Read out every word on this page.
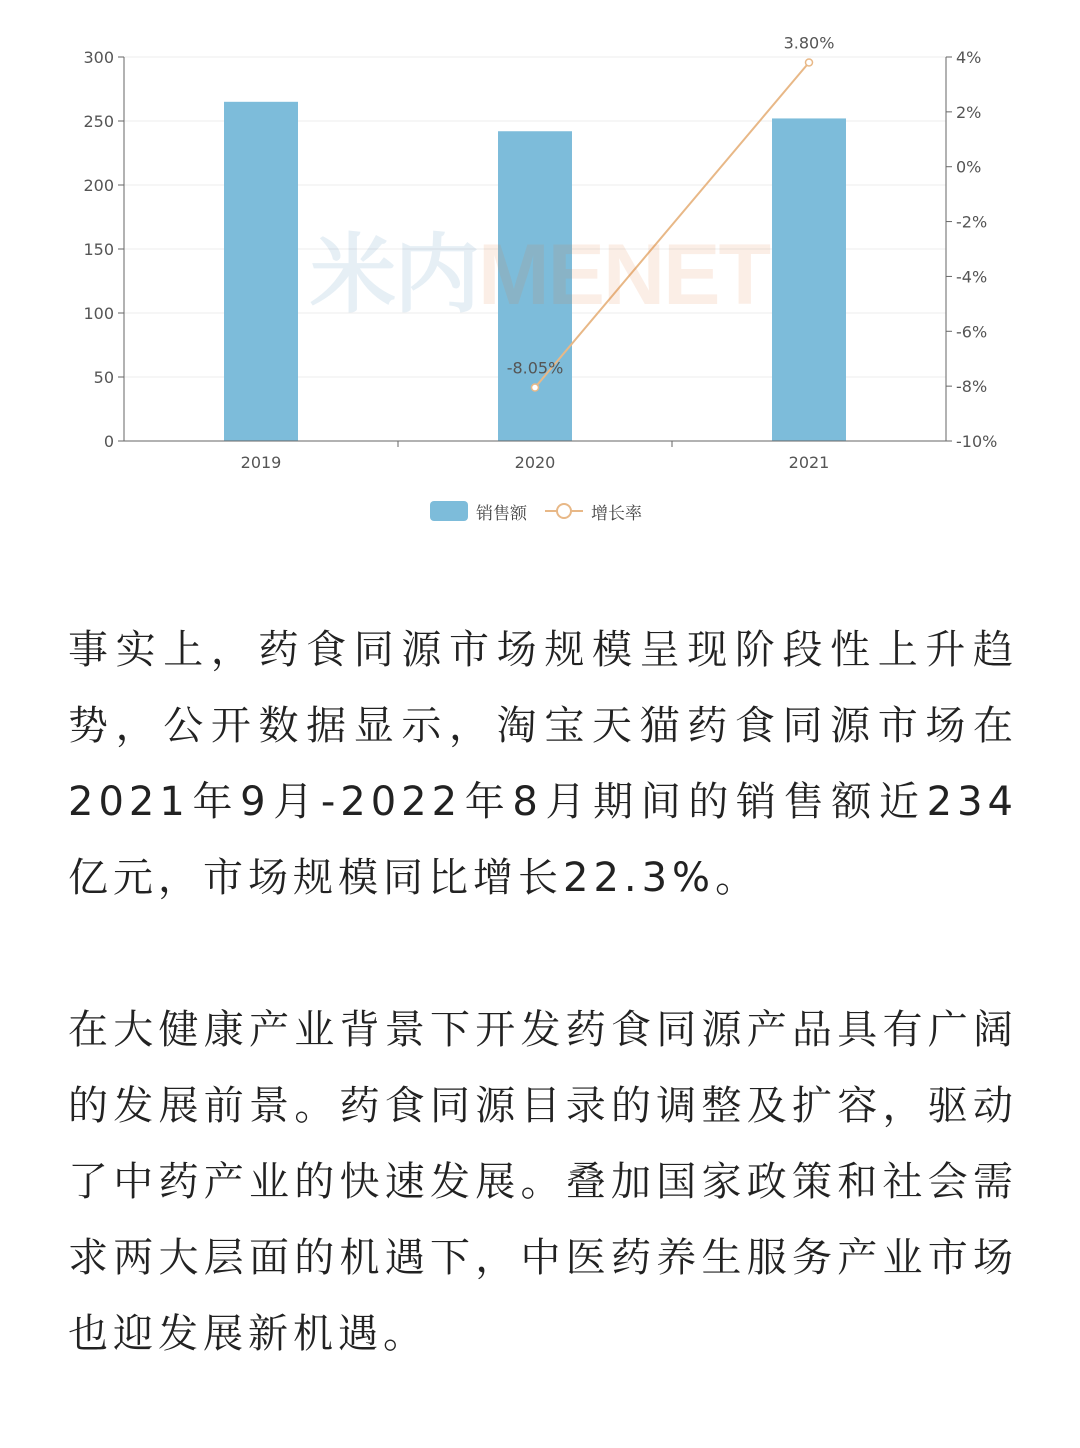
0
50
100
150
200
250
300
-10%
-8%
-6%
-4%
-2%
0%
2%
4%
2019	2020	2021
-8.05%
3.80%
米内MENET
销售额	增长率

事实上，药食同源市场规模呈现阶段性上升趋势，公开数据显示，淘宝天猫药食同源市场在2021年9月-2022年8月期间的销售额近234亿元，市场规模同比增长22.3%。

在大健康产业背景下开发药食同源产品具有广阔的发展前景。药食同源目录的调整及扩容，驱动了中药产业的快速发展。叠加国家政策和社会需求两大层面的机遇下，中医药养生服务产业市场也迎发展新机遇。
